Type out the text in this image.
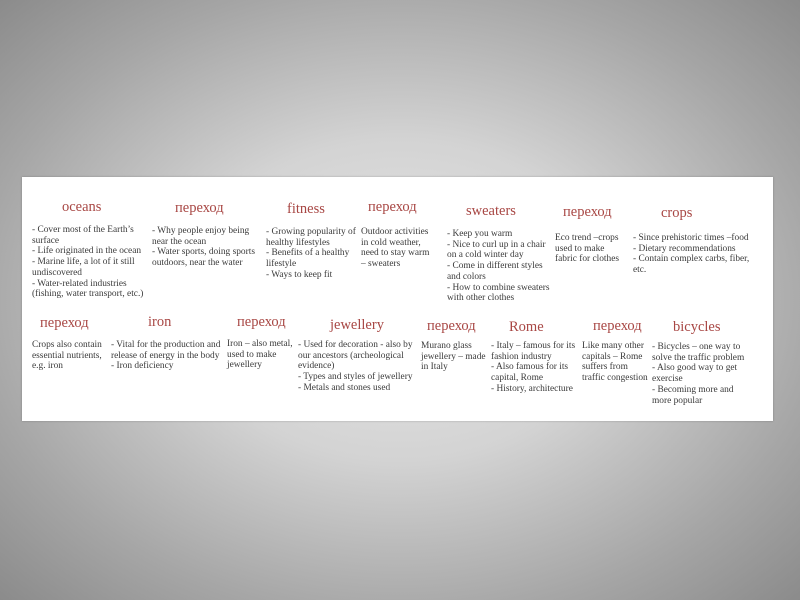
oceans
- Cover most of the Earth’s
surface
- Life originated in the ocean
- Marine life, a lot of it still
undiscovered
- Water-related industries
(fishing, water transport, etc.)
переход
- Why people enjoy being
near the ocean
- Water sports, doing sports
outdoors, near the water
fitness
- Growing popularity of
healthy lifestyles
- Benefits of a healthy
lifestyle
- Ways to keep fit
переход
Outdoor activities
in cold weather,
need to stay warm
– sweaters
sweaters
- Keep you warm
- Nice to curl up in a chair
on a cold winter day
- Come in different styles
and colors
- How to combine sweaters
with other clothes
переход
Eco trend –crops
used to make
fabric for clothes
crops
- Since prehistoric times –food
- Dietary recommendations
- Contain complex carbs, fiber,
etc.
переход
Crops also contain
essential nutrients,
e.g. iron
iron
- Vital for the production and
release of energy in the body
- Iron deficiency
переход
Iron – also metal,
used to make
jewellery
jewellery
- Used for decoration - also by
our ancestors (archeological
evidence)
- Types and styles of jewellery
- Metals and stones used
переход
Murano glass
jewellery – made
in Italy
Rome
- Italy – famous for its
fashion industry
- Also famous for its
capital, Rome
- History, architecture
переход
Like many other
capitals – Rome
suffers from
traffic congestion
bicycles
- Bicycles – one way to
solve the traffic problem
- Also good way to get
exercise
- Becoming more and
more popular
